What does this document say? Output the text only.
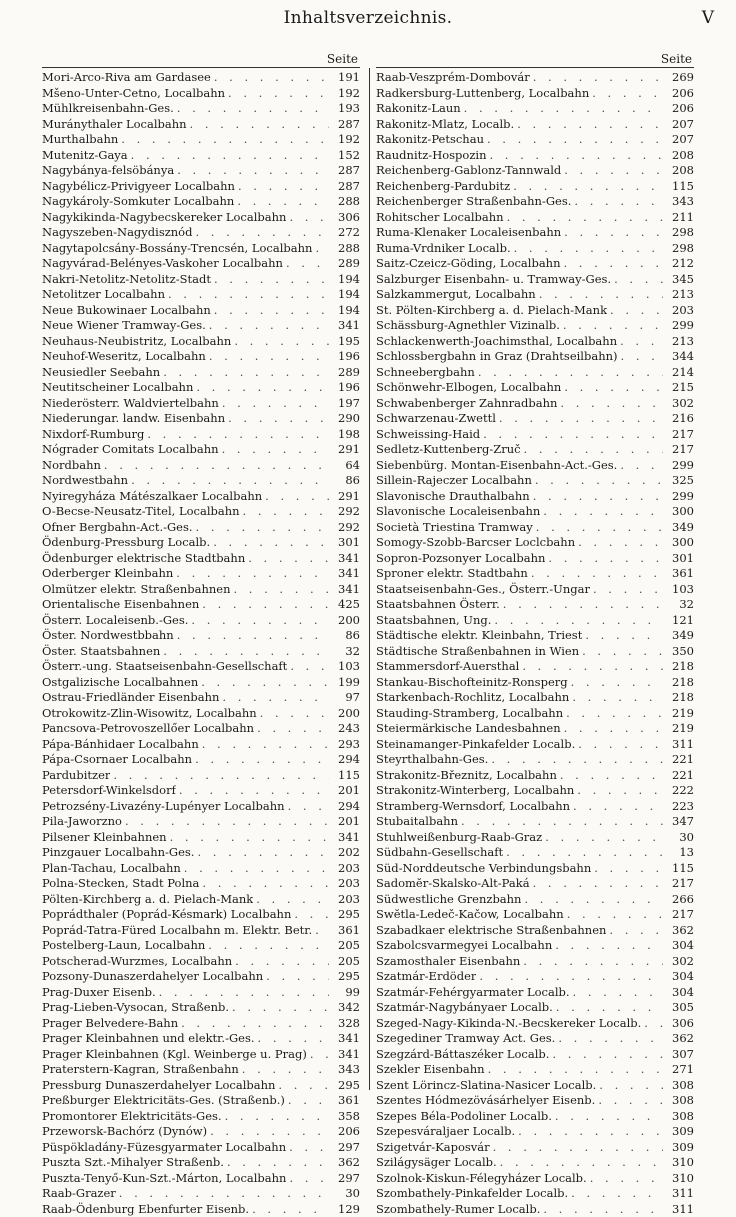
Inhaltsverzeichnis.	V
Seite
Mori-Arco-Riva am Gardasee . . .	191
Mšeno-Unter-Cetno, Localbahn . . .	192
Mühlkreisenbahn-Ges. . . .	193
Muránythaler Localbahn . . .	287
Murthalbahn . . .	192
Mutenitz-Gaya . . .	152
Nagybánya-felsöbánya . . .	287
Nagybélicz-Privigyeer Localbahn . . .	287
Nagykároly-Somkuter Localbahn . . .	288
Nagykikinda-Nagybecskereker Localbahn . . .	306
Nagyszeben-Nagydisznód . . .	272
Nagytapolcsány-Bossány-Trencsén, Localbahn . . .	288
Nagyvárad-Belényes-Vaskoher Localbahn . . .	289
Nakri-Netolitz-Netolitz-Stadt . . .	194
Netolitzer Localbahn . . .	194
Neue Bukowinaer Localbahn . . .	194
Neue Wiener Tramway-Ges. . . .	341
Neuhaus-Neubistritz, Localbahn . . .	195
Neuhof-Weseritz, Localbahn . . .	196
Neusiedler Seebahn . . .	289
Neutitscheiner Localbahn . . .	196
Niederösterr. Waldviertelbahn . . .	197
Niederungar. landw. Eisenbahn . . .	290
Nixdorf-Rumburg . . .	198
Nógrader Comitats Localbahn . . .	291
Nordbahn . . .	64
Nordwestbahn . . .	86
Nyiregyháza Mátészalkaer Localbahn . . .	291
O-Becse-Neusatz-Titel, Localbahn . . .	292
Ofner Bergbahn-Act.-Ges. . . .	292
Ödenburg-Pressburg Localb. . . .	301
Ödenburger elektrische Stadtbahn . . .	341
Oderberger Kleinbahn . . .	341
Olmützer elektr. Straßenbahnen . . .	341
Orientalische Eisenbahnen . . .	425
Österr. Localeisenb.-Ges. . . .	200
Öster. Nordwestbbahn . . .	86
Öster. Staatsbahnen . . .	32
Österr.-ung. Staatseisenbahn-Gesellschaft . . .	103
Ostgalizische Localbahnen . . .	199
Ostrau-Friedländer Eisenbahn . . .	97
Otrokowitz-Zlin-Wisowitz, Localbahn . . .	200
Pancsova-Petrovoszellőer Localbahn . . .	243
Pápa-Bánhidaer Localbahn . . .	293
Pápa-Csornaer Localbahn . . .	294
Pardubitzer . . .	115
Petersdorf-Winkelsdorf . . .	201
Petrozsény-Livazény-Lupényer Localbahn . . .	294
Pila-Jaworzno . . .	201
Pilsener Kleinbahnen . . .	341
Pinzgauer Localbahn-Ges. . . .	202
Plan-Tachau, Localbahn . . .	203
Polna-Stecken, Stadt Polna . . .	203
Pölten-Kirchberg a. d. Pielach-Mank . . .	203
Poprádthaler (Poprád-Késmark) Localbahn . . .	295
Poprád-Tatra-Füred Localbahn m. Elektr. Betr. . . .	361
Postelberg-Laun, Localbahn . . .	205
Potscherad-Wurzmes, Localbahn . . .	205
Pozsony-Dunaszerdahelyer Localbahn . . .	295
Prag-Duxer Eisenb. . . .	99
Prag-Lieben-Vysocan, Straßenb. . . .	342
Prager Belvedere-Bahn . . .	328
Prager Kleinbahnen und elektr.-Ges. . . .	341
Prager Kleinbahnen (Kgl. Weinberge u. Prag) . . .	341
Praterstern-Kagran, Straßenbahn . . .	343
Pressburg Dunaszerdahelyer Localbahn . . .	295
Preßburger Elektricitäts-Ges. (Straßenb.) . . .	361
Promontorer Elektricitäts-Ges. . . .	358
Przeworsk-Bachórz (Dynów) . . .	206
Püspökladány-Füzesgyarmater Localbahn . . .	297
Puszta Szt.-Mihalyer Straßenb. . . .	362
Puszta-Tenyő-Kun-Szt.-Márton, Localbahn . . .	297
Raab-Grazer . . .	30
Raab-Ödenburg Ebenfurter Eisenb. . . .	129
Seite
Raab-Veszprém-Dombovár . . .	269
Radkersburg-Luttenberg, Localbahn . . .	206
Rakonitz-Laun . . .	206
Rakonitz-Mlatz, Localb. . . .	207
Rakonitz-Petschau . . .	207
Raudnitz-Hospozin . . .	208
Reichenberg-Gablonz-Tannwald . . .	208
Reichenberg-Pardubitz . . .	115
Reichenberger Straßenbahn-Ges. . . .	343
Rohitscher Localbahn . . .	211
Ruma-Klenaker Localeisenbahn . . .	298
Ruma-Vrdniker Localb. . . .	298
Saitz-Czeicz-Göding, Localbahn . . .	212
Salzburger Eisenbahn- u. Tramway-Ges. . . .	345
Salzkammergut, Localbahn . . .	213
St. Pölten-Kirchberg a. d. Pielach-Mank . . .	203
Schässburg-Agnethler Vizinalb. . . .	299
Schlackenwerth-Joachimsthal, Localbahn . . .	213
Schlossbergbahn in Graz (Drahtseilbahn) . . .	344
Schneebergbahn . . .	214
Schönwehr-Elbogen, Localbahn . . .	215
Schwabenberger Zahnradbahn . . .	302
Schwarzenau-Zwettl . . .	216
Schweissing-Haid . . .	217
Sedletz-Kuttenberg-Zruč . . .	217
Siebenbürg. Montan-Eisenbahn-Act.-Ges. . . .	299
Sillein-Rajeczer Localbahn . . .	325
Slavonische Drauthalbahn . . .	299
Slavonische Localeisenbahn . . .	300
Società Triestina Tramway . . .	349
Somogy-Szobb-Barcser Loclcbahn . . .	300
Sopron-Pozsonyer Localbahn . . .	301
Sproner elektr. Stadtbahn . . .	361
Staatseisenbahn-Ges., Österr.-Ungar . . .	103
Staatsbahnen Österr. . . .	32
Staatsbahnen, Ung. . . .	121
Städtische elektr. Kleinbahn, Triest . . .	349
Städtische Straßenbahnen in Wien . . .	350
Stammersdorf-Auersthal . . .	218
Stankau-Bischofteinitz-Ronsperg . . .	218
Starkenbach-Rochlitz, Localbahn . . .	218
Stauding-Stramberg, Localbahn . . .	219
Steiermärkische Landesbahnen . . .	219
Steinamanger-Pinkafelder Localb. . . .	311
Steyrthalbahn-Ges. . . .	221
Strakonitz-Březnitz, Localbahn . . .	221
Strakonitz-Winterberg, Localbahn . . .	222
Stramberg-Wernsdorf, Localbahn . . .	223
Stubaitalbahn . . .	347
Stuhlweißenburg-Raab-Graz . . .	30
Südbahn-Gesellschaft . . .	13
Süd-Norddeutsche Verbindungsbahn . . .	115
Sadomĕr-Skalsko-Alt-Paká . . .	217
Südwestliche Grenzbahn . . .	266
Swĕtla-Ledeč-Kačow, Localbahn . . .	217
Szabadkaer elektrische Straßenbahnen . . .	362
Szabolcsvarmegyei Localbahn . . .	304
Szamosthaler Eisenbahn . . .	302
Szatmár-Erdöder . . .	304
Szatmár-Fehérgyarmater Localb. . . .	304
Szatmár-Nagybányaer Localb. . . .	305
Szeged-Nagy-Kikinda-N.-Becskereker Localb. . . .	306
Szegediner Tramway Act. Ges. . . .	362
Szegzárd-Báttaszéker Localb. . . .	307
Szekler Eisenbahn . . .	271
Szent Lörincz-Slatina-Nasicer Localb. . . .	308
Szentes Hódmezövásárhelyer Eisenb. . . .	308
Szepes Béla-Podoliner Localb. . . .	308
Szepesváraljaer Localb. . . .	309
Szigetvár-Kaposvár . . .	309
Szilágysäger Localb. . . .	310
Szolnok-Kiskun-Félegyházer Localb. . . .	310
Szombathely-Pinkafelder Localb. . . .	311
Szombathely-Rumer Localb. . . .	311
